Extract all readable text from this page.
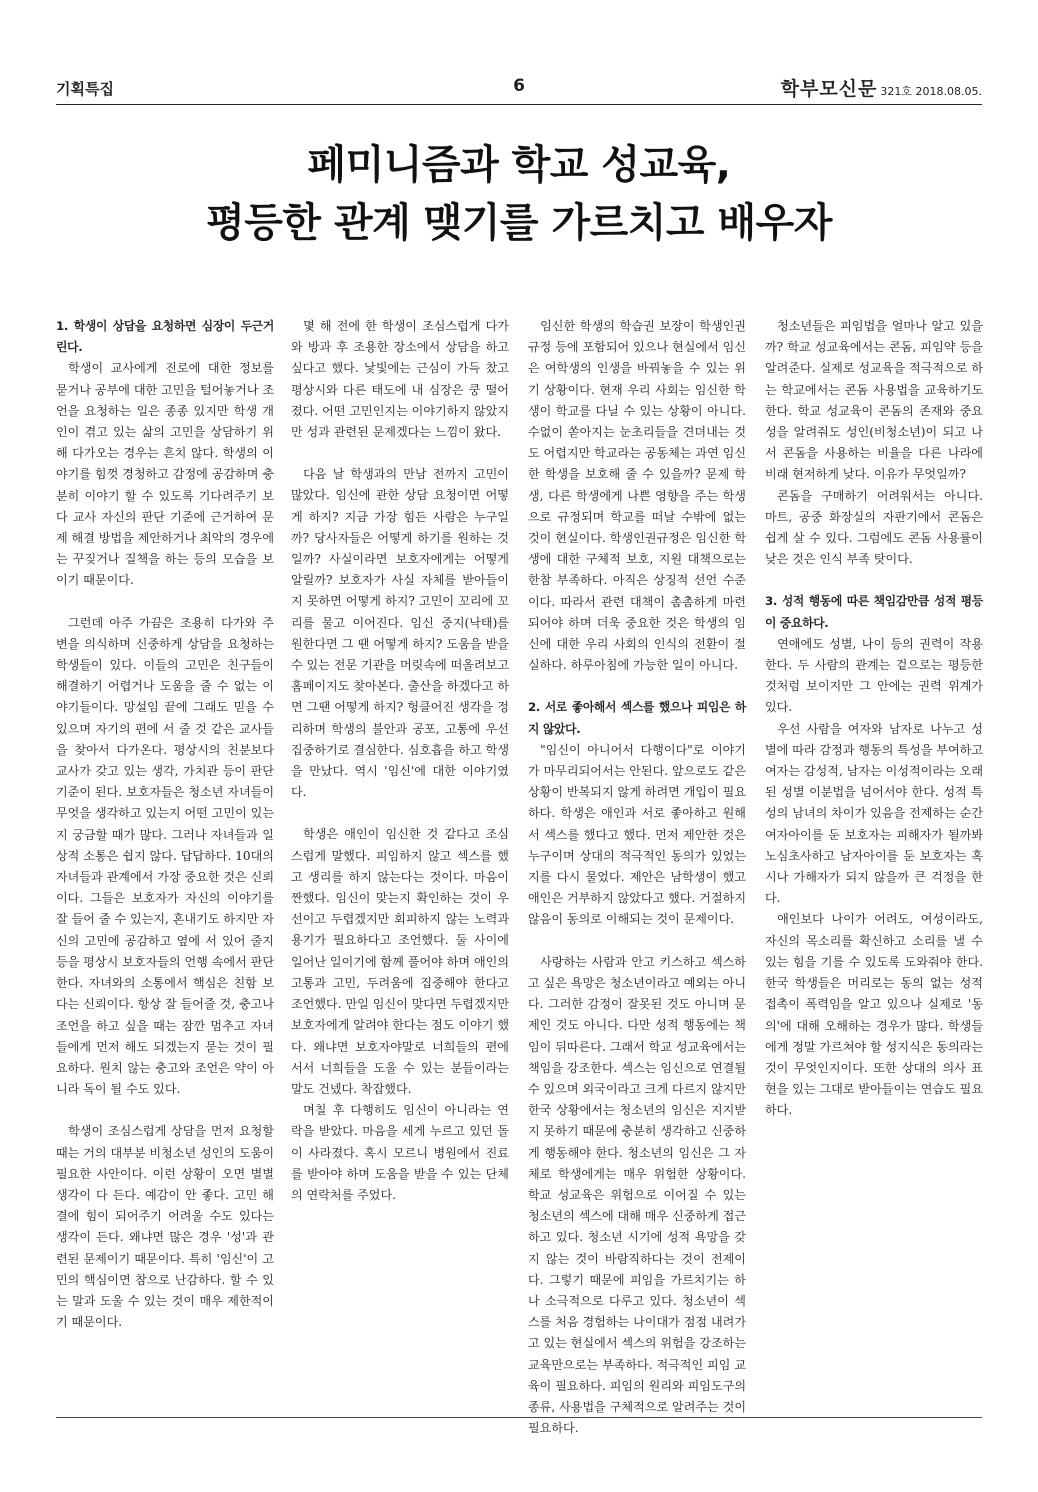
기획특집	6	학부모신문 321호 2018.08.05.
페미니즘과 학교 성교육,
평등한 관계 맺기를 가르치고 배우자
1. 학생이 상담을 요청하면 심장이 두근거린다.

학생이 교사에게 진로에 대한 정보를 묻거나 공부에 대한 고민을 털어놓거나 조언을 요청하는 일은 종종 있지만 학생 개인이 겪고 있는 삶의 고민을 상담하기 위해 다가오는 경우는 흔치 않다. 학생의 이야기를 힘껏 경청하고 감정에 공감하며 충분히 이야기 할 수 있도록 기다려주기 보다 교사 자신의 판단 기준에 근거하여 문제 해결 방법을 제안하거나 최악의 경우에는 꾸짖거나 질책을 하는 등의 모습을 보이기 때문이다.

그런데 아주 가끔은 조용히 다가와 주변을 의식하며 신중하게 상담을 요청하는 학생들이 있다. 이들의 고민은 친구들이 해결하기 어렵거나 도움을 줄 수 없는 이야기들이다. 망설임 끝에 그래도 믿을 수 있으며 자기의 편에 서 줄 것 같은 교사들을 찾아서 다가온다. 평상시의 친분보다 교사가 갖고 있는 생각, 가치관 등이 판단 기준이 된다. 보호자들은 청소년 자녀들이 무엇을 생각하고 있는지 어떤 고민이 있는지 궁금할 때가 많다. 그러나 자녀들과 일상적 소통은 쉽지 않다. 답답하다. 10대의 자녀들과 관계에서 가장 중요한 것은 신뢰이다. 그들은 보호자가 자신의 이야기를 잘 들어 줄 수 있는지, 혼내기도 하지만 자신의 고민에 공감하고 옆에 서 있어 줄지 등을 평상시 보호자들의 언행 속에서 판단한다. 자녀와의 소통에서 핵심은 친함 보다는 신뢰이다. 항상 잘 들어줄 것, 충고나 조언을 하고 싶을 때는 잠깐 멈추고 자녀들에게 먼저 해도 되겠는지 묻는 것이 필요하다. 원치 않는 충고와 조언은 약이 아니라 독이 될 수도 있다.

학생이 조심스럽게 상담을 먼저 요청할 때는 거의 대부분 비청소년 성인의 도움이 필요한 사안이다. 이런 상황이 오면 별별 생각이 다 든다. 예감이 안 좋다. 고민 해결에 힘이 되어주기 어려울 수도 있다는 생각이 든다. 왜냐면 많은 경우 '성'과 관련된 문제이기 때문이다. 특히 '임신'이 고민의 핵심이면 참으로 난감하다. 할 수 있는 말과 도울 수 있는 것이 매우 제한적이기 때문이다.

몇 해 전에 한 학생이 조심스럽게 다가와 방과 후 조용한 장소에서 상담을 하고 싶다고 했다. 낯빛에는 근심이 가득 찼고 평상시와 다른 태도에 내 심장은 쿵 떨어졌다. 어떤 고민인지는 이야기하지 않았지만 성과 관련된 문제겠다는 느낌이 왔다.

다음 날 학생과의 만남 전까지 고민이 많았다. 임신에 관한 상담 요청이면 어떻게 하지? 지금 가장 힘든 사람은 누구일까? 당사자들은 어떻게 하기를 원하는 것일까? 사실이라면 보호자에게는 어떻게 알릴까? 보호자가 사실 자체를 받아들이지 못하면 어떻게 하지? 고민이 꼬리에 꼬리를 물고 이어진다. 임신 중지(낙태)를 원한다면 그 땐 어떻게 하지? 도움을 받을 수 있는 전문 기관을 머릿속에 떠올려보고 홈페이지도 찾아본다. 출산을 하겠다고 하면 그땐 어떻게 하지? 헝클어진 생각을 정리하며 학생의 불안과 공포, 고통에 우선 집중하기로 결심한다. 심호흡을 하고 학생을 만났다. 역시 '임신'에 대한 이야기였다.

학생은 애인이 임신한 것 같다고 조심스럽게 말했다. 피임하지 않고 섹스를 했고 생리를 하지 않는다는 것이다. 마음이 짠했다. 임신이 맞는지 확인하는 것이 우선이고 두렵겠지만 회피하지 않는 노력과 용기가 필요하다고 조언했다. 둘 사이에 일어난 일이기에 함께 풀어야 하며 애인의 고통과 고민, 두려움에 집중해야 한다고 조언했다. 만일 임신이 맞다면 두렵겠지만 보호자에게 알려야 한다는 점도 이야기 했다. 왜냐면 보호자야말로 너희들의 편에 서서 너희들을 도울 수 있는 분들이라는 말도 건넸다. 착잡했다.

며칠 후 다행히도 임신이 아니라는 연락을 받았다. 마음을 세게 누르고 있던 돌이 사라졌다. 혹시 모르니 병원에서 진료를 받아야 하며 도움을 받을 수 있는 단체의 연락처를 주었다.

임신한 학생의 학습권 보장이 학생인권규정 등에 포함되어 있으나 현실에서 임신은 여학생의 인생을 바꿔놓을 수 있는 위기 상황이다. 현재 우리 사회는 임신한 학생이 학교를 다닐 수 있는 상황이 아니다. 수없이 쏟아지는 눈초리들을 견뎌내는 것도 어렵지만 학교라는 공동체는 과연 임신한 학생을 보호해 줄 수 있을까? 문제 학생, 다른 학생에게 나쁜 영향을 주는 학생으로 규정되며 학교를 떠날 수밖에 없는 것이 현실이다. 학생인권규정은 임신한 학생에 대한 구체적 보호, 지원 대책으로는 한참 부족하다. 아직은 상징적 선언 수준이다. 따라서 관련 대책이 촘촘하게 마련되어야 하며 더욱 중요한 것은 학생의 임신에 대한 우리 사회의 인식의 전환이 절실하다. 하루아침에 가능한 일이 아니다.

2. 서로 좋아해서 섹스를 했으나 피임은 하지 않았다.

"임신이 아니어서 다행이다"로 이야기가 마무리되어서는 안된다. 앞으로도 같은 상황이 반복되지 않게 하려면 개입이 필요하다. 학생은 애인과 서로 좋아하고 원해서 섹스를 했다고 했다. 먼저 제안한 것은 누구이며 상대의 적극적인 동의가 있었는지를 다시 물었다. 제안은 남학생이 했고 애인은 거부하지 않았다고 했다. 거절하지 않음이 동의로 이해되는 것이 문제이다.

사랑하는 사람과 안고 키스하고 섹스하고 싶은 욕망은 청소년이라고 예외는 아니다. 그러한 감정이 잘못된 것도 아니며 문제인 것도 아니다. 다만 성적 행동에는 책임이 뒤따른다. 그래서 학교 성교육에서는 책임을 강조한다. 섹스는 임신으로 연결될 수 있으며 외국이라고 크게 다르지 않지만 한국 상황에서는 청소년의 임신은 지지받지 못하기 때문에 충분히 생각하고 신중하게 행동해야 한다. 청소년의 임신은 그 자체로 학생에게는 매우 위험한 상황이다. 학교 성교육은 위험으로 이어질 수 있는 청소년의 섹스에 대해 매우 신중하게 접근하고 있다. 청소년 시기에 성적 욕망을 갖지 않는 것이 바람직하다는 것이 전제이다. 그렇기 때문에 피임을 가르치기는 하나 소극적으로 다루고 있다. 청소년이 섹스를 처음 경험하는 나이대가 점점 내려가고 있는 현실에서 섹스의 위험을 강조하는 교육만으로는 부족하다. 적극적인 피임 교육이 필요하다. 피임의 원리와 피임도구의 종류, 사용법을 구체적으로 알려주는 것이 필요하다.

청소년들은 피임법을 얼마나 알고 있을까? 학교 성교육에서는 콘돔, 피임약 등을 알려준다. 실제로 성교육을 적극적으로 하는 학교에서는 콘돔 사용법을 교육하기도 한다. 학교 성교육이 콘돔의 존재와 중요성을 알려줘도 성인(비청소년)이 되고 나서 콘돔을 사용하는 비율을 다른 나라에 비래 현저하게 낮다. 이유가 무엇일까?

콘돔을 구매하기 어려워서는 아니다. 마트, 공중 화장실의 자판기에서 콘돔은 쉽게 살 수 있다. 그럼에도 콘돔 사용률이 낮은 것은 인식 부족 탓이다.

3. 성적 행동에 따른 책임감만큼 성적 평등이 중요하다.

연애에도 성별, 나이 등의 권력이 작용한다. 두 사람의 관계는 겉으로는 평등한 것처럼 보이지만 그 안에는 권력 위계가 있다.

우선 사람을 여자와 남자로 나누고 성별에 따라 감정과 행동의 특성을 부여하고 여자는 감성적, 남자는 이성적이라는 오래된 성별 이분법을 넘어서야 한다. 성적 특성의 남녀의 차이가 있음을 전제하는 순간 여자아이를 둔 보호자는 피해자가 될까봐 노심초사하고 남자아이를 둔 보호자는 혹시나 가해자가 되지 않을까 큰 걱정을 한다.

애인보다 나이가 어려도, 여성이라도, 자신의 목소리를 확신하고 소리를 낼 수 있는 힘을 기를 수 있도록 도와줘야 한다. 한국 학생들은 머리로는 동의 없는 성적 접촉이 폭력임을 알고 있으나 실제로 '동의'에 대해 오해하는 경우가 많다. 학생들에게 정말 가르쳐야 할 성지식은 동의라는 것이 무엇인지이다. 또한 상대의 의사 표현을 있는 그대로 받아들이는 연습도 필요하다.
